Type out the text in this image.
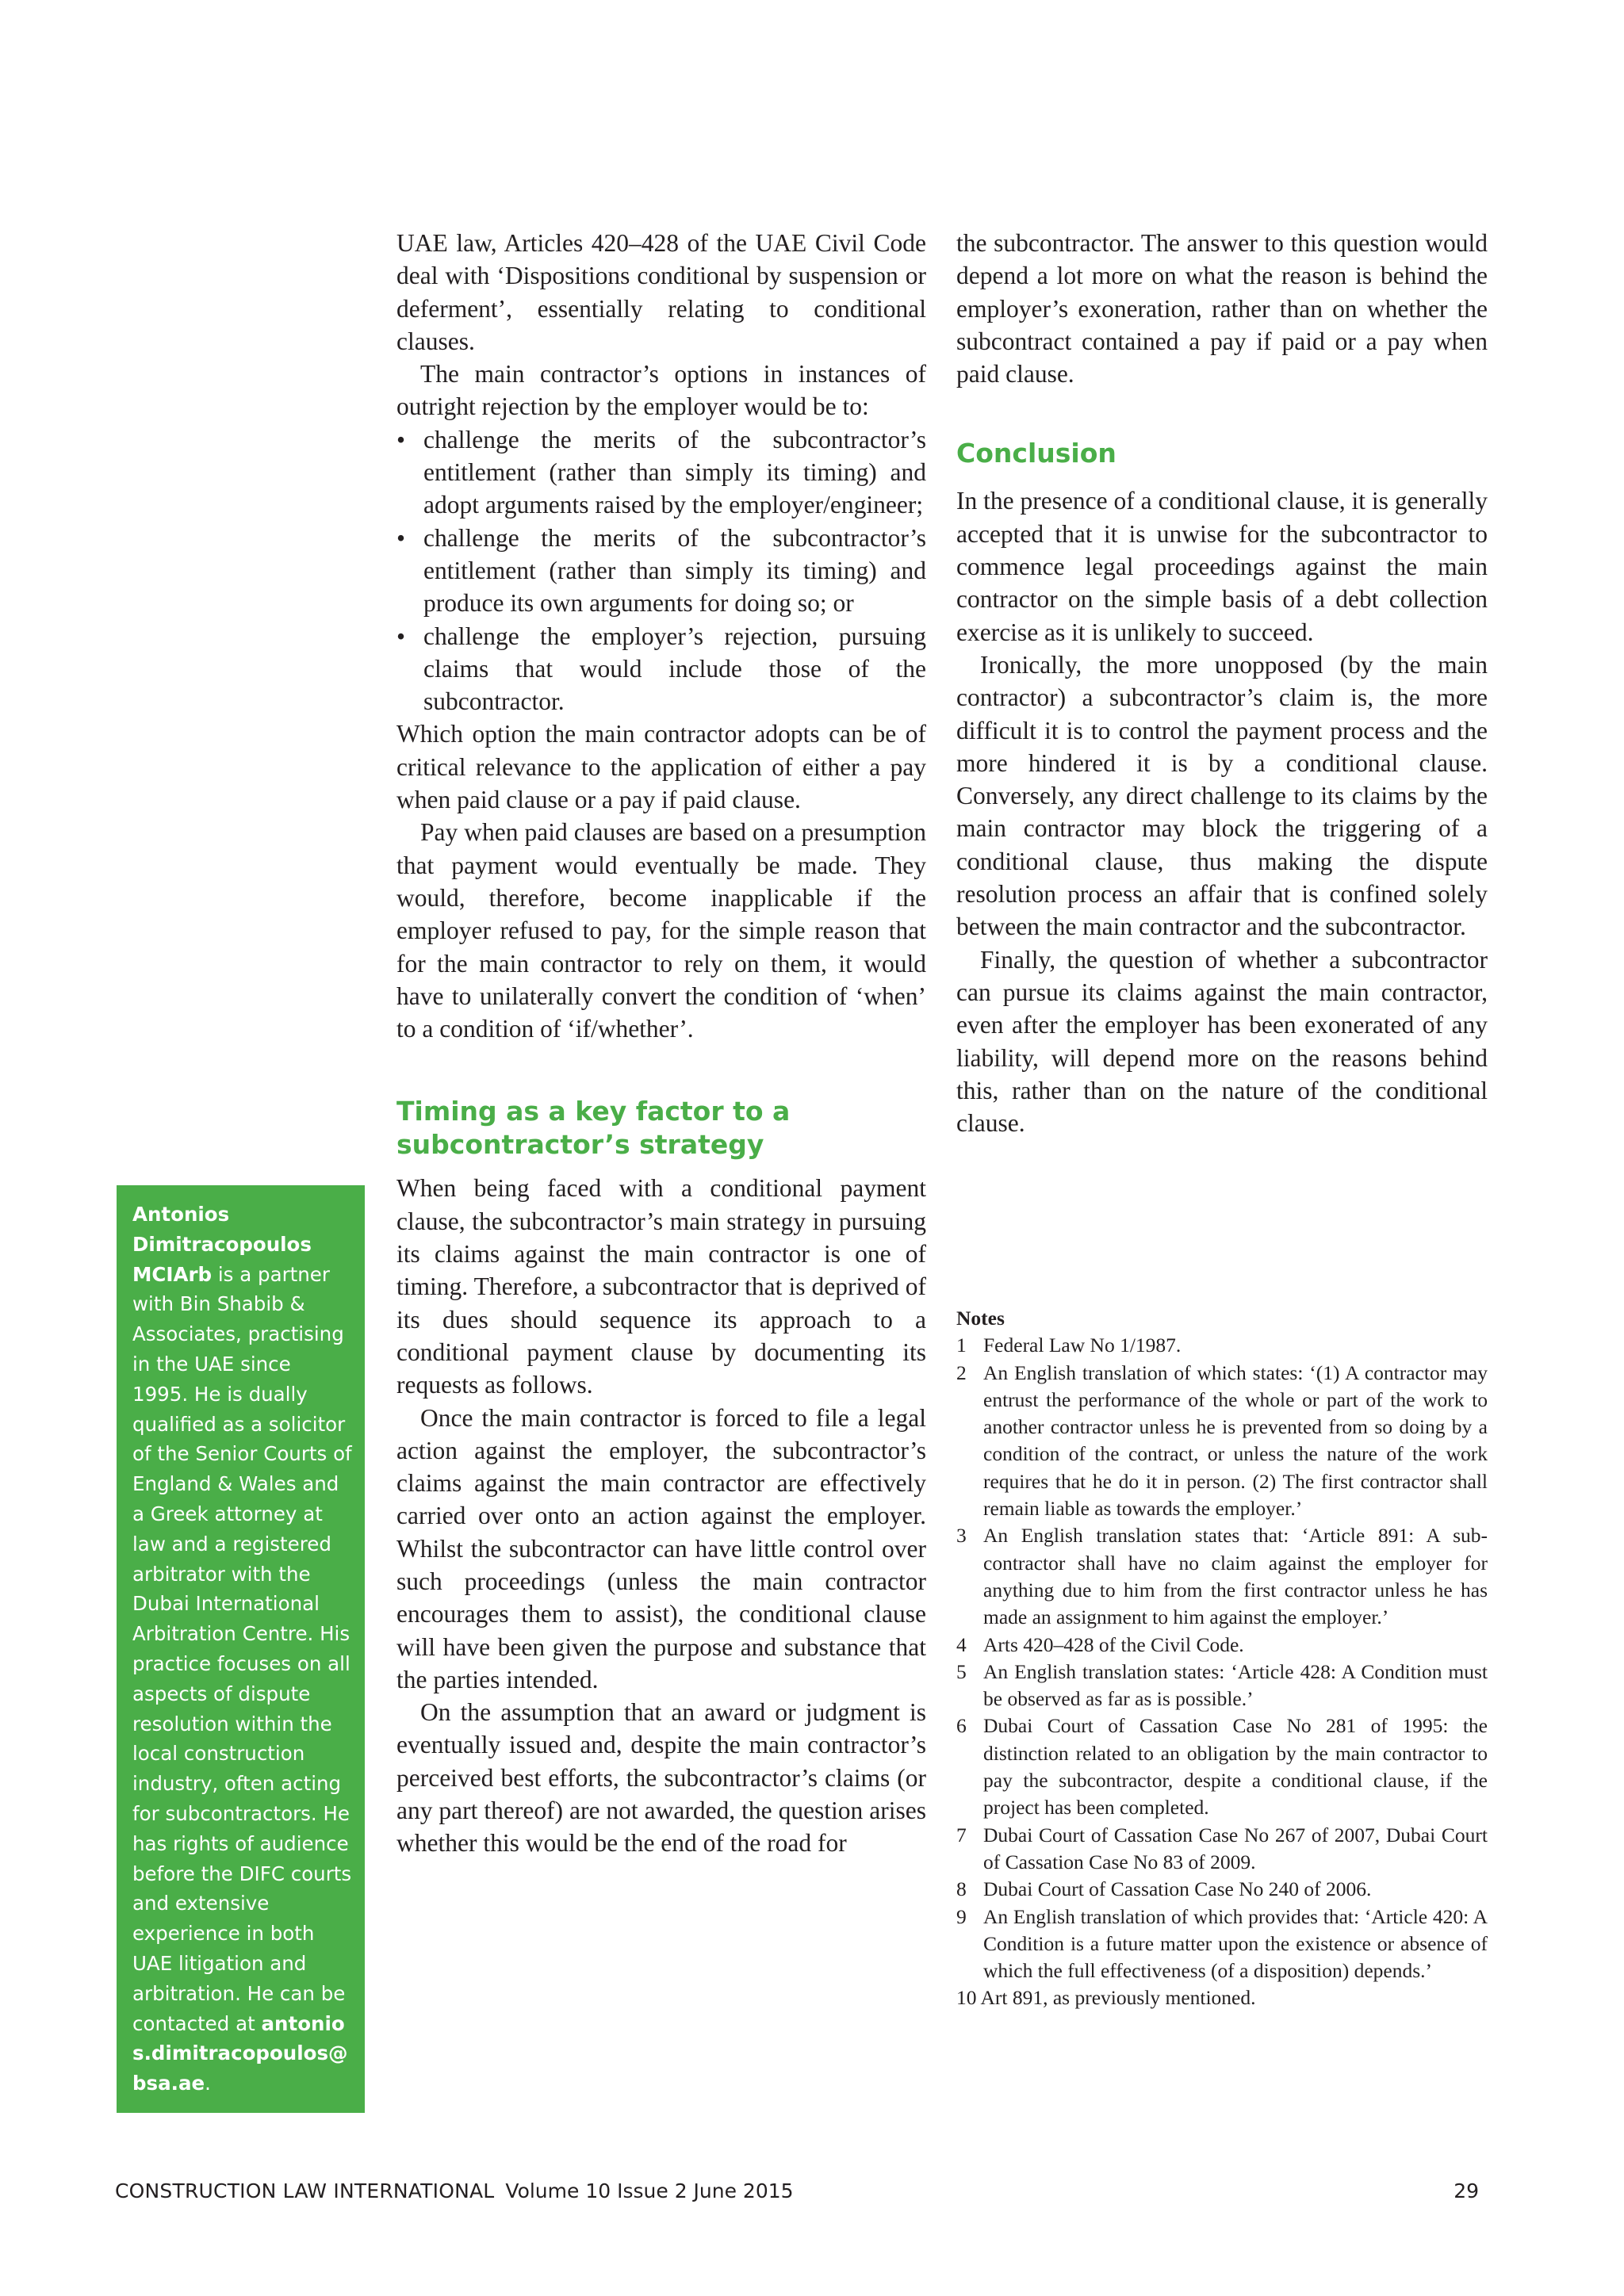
UAE law, Articles 420–428 of the UAE Civil Code deal with ‘Dispositions conditional by suspension or deferment’, essentially relating to conditional clauses.

The main contractor’s options in instances of outright rejection by the employer would be to:

• challenge the merits of the subcontractor’s entitlement (rather than simply its timing) and adopt arguments raised by the employer/engineer;
• challenge the merits of the subcontractor’s entitlement (rather than simply its timing) and produce its own arguments for doing so; or
• challenge the employer’s rejection, pursuing claims that would include those of the subcontractor.

Which option the main contractor adopts can be of critical relevance to the application of either a pay when paid clause or a pay if paid clause.

Pay when paid clauses are based on a presumption that payment would eventually be made. They would, therefore, become inapplicable if the employer refused to pay, for the simple reason that for the main contractor to rely on them, it would have to unilaterally convert the condition of ‘when’ to a condition of ‘if/whether’.

Timing as a key factor to a subcontractor’s strategy

When being faced with a conditional payment clause, the subcontractor’s main strategy in pursuing its claims against the main contractor is one of timing. Therefore, a subcontractor that is deprived of its dues should sequence its approach to a conditional payment clause by documenting its requests as follows.

Once the main contractor is forced to file a legal action against the employer, the subcontractor’s claims against the main contractor are effectively carried over onto an action against the employer. Whilst the subcontractor can have little control over such proceedings (unless the main contractor encourages them to assist), the conditional clause will have been given the purpose and substance that the parties intended.

On the assumption that an award or judgment is eventually issued and, despite the main contractor’s perceived best efforts, the subcontractor’s claims (or any part thereof) are not awarded, the question arises whether this would be the end of the road for

the subcontractor. The answer to this question would depend a lot more on what the reason is behind the employer’s exoneration, rather than on whether the subcontract contained a pay if paid or a pay when paid clause.

Conclusion

In the presence of a conditional clause, it is generally accepted that it is unwise for the subcontractor to commence legal proceedings against the main contractor on the simple basis of a debt collection exercise as it is unlikely to succeed.

Ironically, the more unopposed (by the main contractor) a subcontractor’s claim is, the more difficult it is to control the payment process and the more hindered it is by a conditional clause. Conversely, any direct challenge to its claims by the main contractor may block the triggering of a conditional clause, thus making the dispute resolution process an affair that is confined solely between the main contractor and the subcontractor.

Finally, the question of whether a subcontractor can pursue its claims against the main contractor, even after the employer has been exonerated of any liability, will depend more on the reasons behind this, rather than on the nature of the conditional clause.

Antonios Dimitracopoulos MCIArb is a partner with Bin Shabib & Associates, practising in the UAE since 1995. He is dually qualified as a solicitor of the Senior Courts of England & Wales and a Greek attorney at law and a registered arbitrator with the Dubai International Arbitration Centre. His practice focuses on all aspects of dispute resolution within the local construction industry, often acting for subcontractors. He has rights of audience before the DIFC courts and extensive experience in both UAE litigation and arbitration. He can be contacted at antonios.dimitracopoulos@bsa.ae.

Notes

1 Federal Law No 1/1987.
2 An English translation of which states: ‘(1) A contractor may entrust the performance of the whole or part of the work to another contractor unless he is prevented from so doing by a condition of the contract, or unless the nature of the work requires that he do it in person. (2) The first contractor shall remain liable as towards the employer.’
3 An English translation states that: ‘Article 891: A sub-contractor shall have no claim against the employer for anything due to him from the first contractor unless he has made an assignment to him against the employer.’
4 Arts 420–428 of the Civil Code.
5 An English translation states: ‘Article 428: A Condition must be observed as far as is possible.’
6 Dubai Court of Cassation Case No 281 of 1995: the distinction related to an obligation by the main contractor to pay the subcontractor, despite a conditional clause, if the project has been completed.
7 Dubai Court of Cassation Case No 267 of 2007, Dubai Court of Cassation Case No 83 of 2009.
8 Dubai Court of Cassation Case No 240 of 2006.
9 An English translation of which provides that: ‘Article 420: A Condition is a future matter upon the existence or absence of which the full effectiveness (of a disposition) depends.’
10 Art 891, as previously mentioned.
CONSTRUCTION LAW INTERNATIONAL Volume 10 Issue 2 June 2015	29
